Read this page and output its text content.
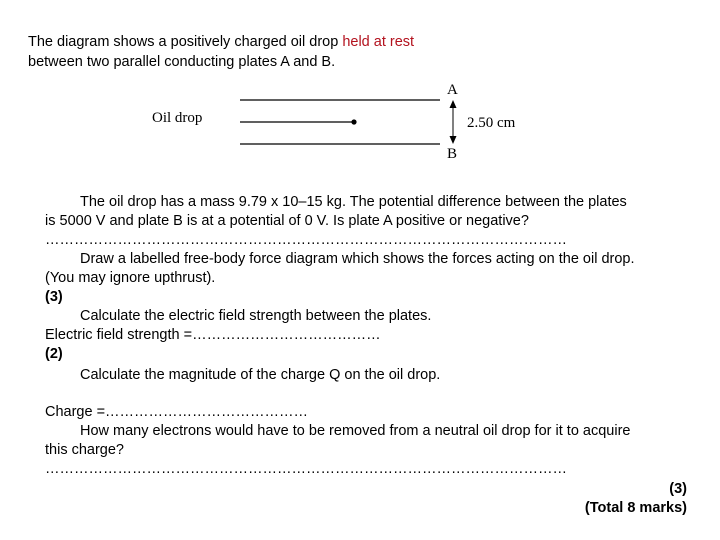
The diagram shows a positively charged oil drop held at rest
between two parallel conducting plates A and B.
Oil drop
A
B
2.50 cm
The oil drop has a mass 9.79 x 10–15 kg. The potential difference between the plates
is 5000 V and plate B is at a potential of 0 V. Is plate A positive or negative?
………………………………………………………………………………………………
Draw a labelled free-body force diagram which shows the forces acting on the oil drop.
(You may ignore upthrust).
(3)
Calculate the electric field strength between the plates.
Electric field strength =…………………………………
(2)
Calculate the magnitude of the charge Q on the oil drop.
Charge =……………………………………
How many electrons would have to be removed from a neutral oil drop for it to acquire
this charge?
………………………………………………………………………………………………
(3)
(Total 8 marks)
